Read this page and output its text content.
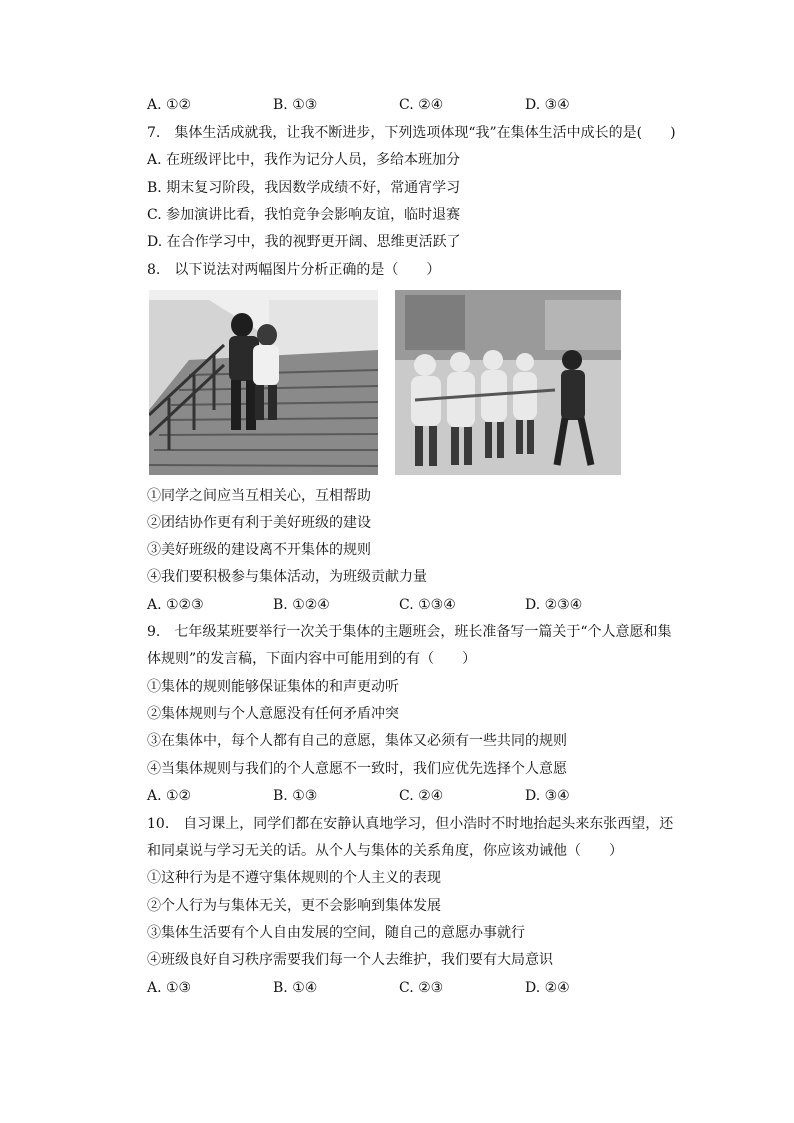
A. ①②	B. ①③	C. ②④	D. ③④
7.　集体生活成就我，让我不断进步，下列选项体现“我”在集体生活中成长的是(　　)
A. 在班级评比中，我作为记分人员，多给本班加分
B. 期末复习阶段，我因数学成绩不好，常通宵学习
C. 参加演讲比看，我怕竞争会影响友谊，临时退赛
D. 在合作学习中，我的视野更开阔、思维更活跃了
8.　以下说法对两幅图片分析正确的是（　　）
①同学之间应当互相关心，互相帮助
②团结协作更有利于美好班级的建设
③美好班级的建设离不开集体的规则
④我们要积极参与集体活动，为班级贡献力量
A. ①②③	B. ①②④	C. ①③④	D. ②③④
9.　七年级某班要举行一次关于集体的主题班会，班长准备写一篇关于“个人意愿和集
体规则”的发言稿，下面内容中可能用到的有（　　）
①集体的规则能够保证集体的和声更动听
②集体规则与个人意愿没有任何矛盾冲突
③在集体中，每个人都有自己的意愿，集体又必须有一些共同的规则
④当集体规则与我们的个人意愿不一致时，我们应优先选择个人意愿
A. ①②	B. ①③	C. ②④	D. ③④
10.　自习课上，同学们都在安静认真地学习，但小浩时不时地抬起头来东张西望，还
和同桌说与学习无关的话。从个人与集体的关系角度，你应该劝诫他（　　）
①这种行为是不遵守集体规则的个人主义的表现
②个人行为与集体无关，更不会影响到集体发展
③集体生活要有个人自由发展的空间，随自己的意愿办事就行
④班级良好自习秩序需要我们每一个人去维护，我们要有大局意识
A. ①③	B. ①④	C. ②③	D. ②④
